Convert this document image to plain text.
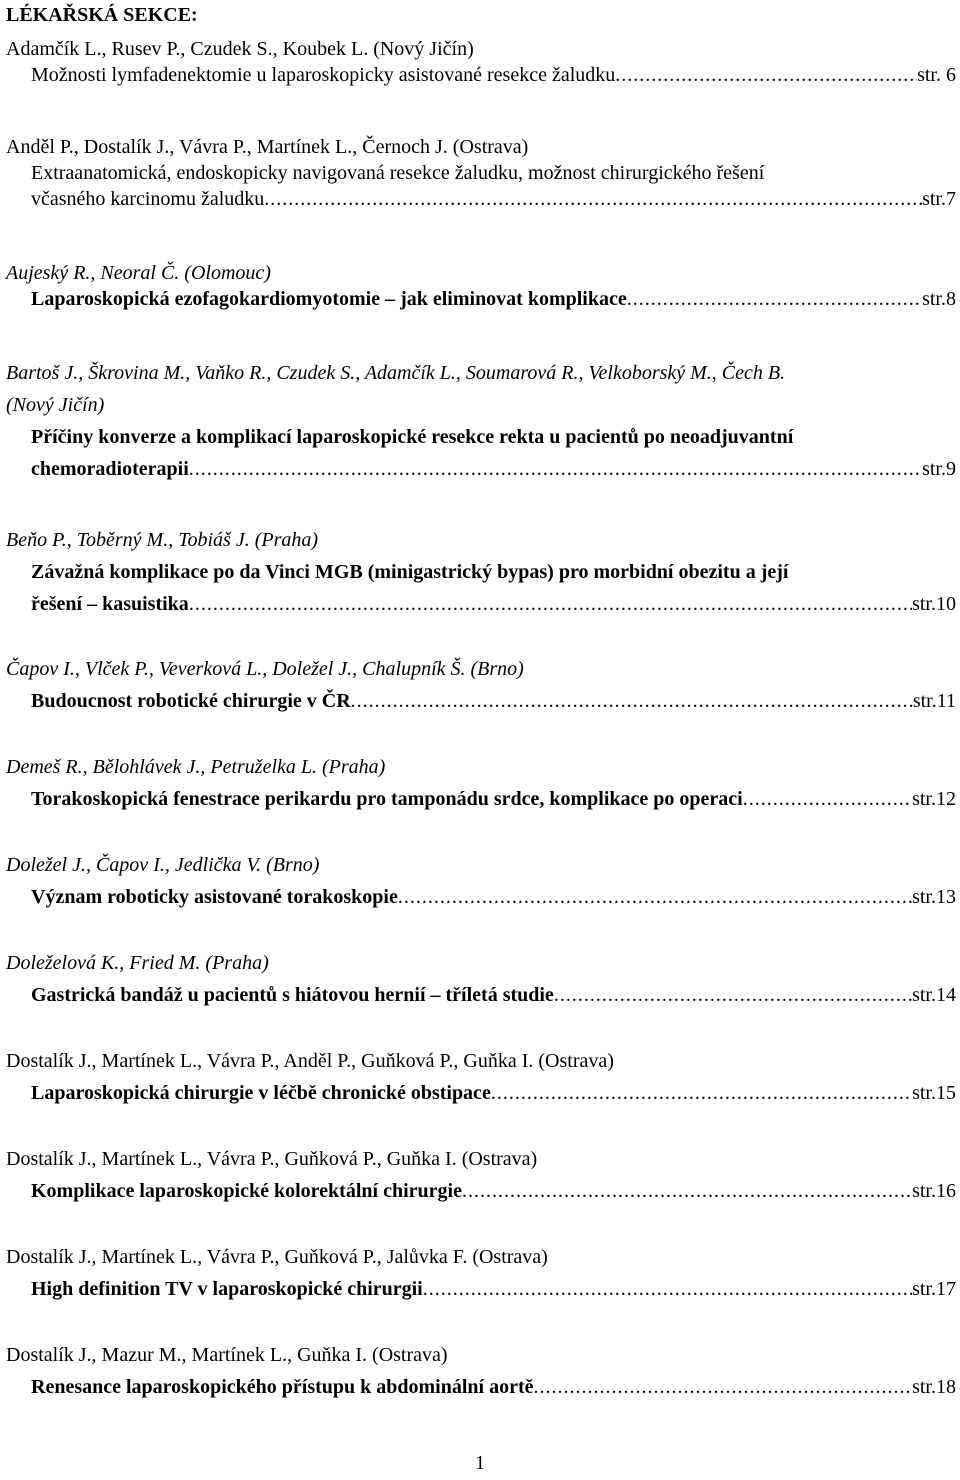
LÉKAŘSKÁ SEKCE:
Adamčík L., Rusev P., Czudek S., Koubek L. (Nový Jičín)
Možnosti lymfadenektomie u laparoskopicky asistované resekce žaludku .....	str. 6
Anděl P., Dostalík J., Vávra P., Martínek L., Černoch J. (Ostrava)
Extraanatomická, endoskopicky navigovaná resekce žaludku, možnost chirurgického řešení
včasného karcinomu žaludku .....	str.7
Aujeský R., Neoral Č. (Olomouc)
Laparoskopická ezofagokardiomyotomie – jak eliminovat komplikace .....	str.8
Bartoš J., Škrovina M., Vaňko R., Czudek S., Adamčík L., Soumarová R., Velkoborský M., Čech B.
(Nový Jičín)
Příčiny konverze a komplikací laparoskopické resekce rekta u pacientů po neoadjuvantní
chemoradioterapii .....	str.9
Beňo P., Toběrný M., Tobiáš J. (Praha)
Závažná komplikace po da Vinci MGB (minigastrický bypas) pro morbidní obezitu a její
řešení – kasuistika .....	str.10
Čapov I., Vlček P., Veverková L., Doležel J., Chalupník Š. (Brno)
Budoucnost robotické chirurgie v ČR .....	str.11
Demeš R., Bělohlávek J., Petruželka L. (Praha)
Torakoskopická fenestrace perikardu pro tamponádu srdce, komplikace po operaci .....	str.12
Doležel J., Čapov I., Jedlička V. (Brno)
Význam roboticky asistované torakoskopie .....	str.13
Doleželová K., Fried M. (Praha)
Gastrická bandáž u pacientů s hiátovou hernií – tříletá studie .....	str.14
Dostalík J., Martínek L., Vávra P., Anděl P., Guňková P., Guňka I. (Ostrava)
Laparoskopická chirurgie v léčbě chronické obstipace .....	str.15
Dostalík J., Martínek L., Vávra P., Guňková P., Guňka I. (Ostrava)
Komplikace laparoskopické kolorektální chirurgie .....	str.16
Dostalík J., Martínek L., Vávra P., Guňková P., Jalůvka F. (Ostrava)
High definition TV v laparoskopické chirurgii .....	str.17
Dostalík J., Mazur M., Martínek L., Guňka I. (Ostrava)
Renesance laparoskopického přístupu k abdominální aortě .....	str.18
1
